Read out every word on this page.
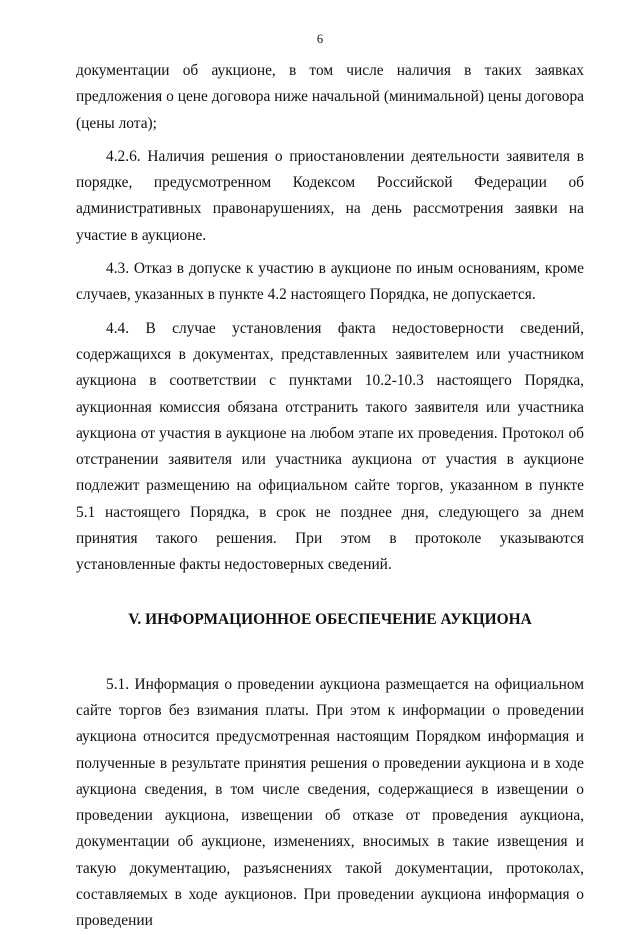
6

документации об аукционе, в том числе наличия в таких заявках предложения о цене договора ниже начальной (минимальной) цены договора (цены лота);

4.2.6. Наличия решения о приостановлении деятельности заявителя в порядке, предусмотренном Кодексом Российской Федерации об административных правонарушениях, на день рассмотрения заявки на участие в аукционе.

4.3. Отказ в допуске к участию в аукционе по иным основаниям, кроме случаев, указанных в пункте 4.2 настоящего Порядка, не допускается.

4.4. В случае установления факта недостоверности сведений, содержащихся в документах, представленных заявителем или участником аукциона в соответствии с пунктами 10.2-10.3 настоящего Порядка, аукционная комиссия обязана отстранить такого заявителя или участника аукциона от участия в аукционе на любом этапе их проведения. Протокол об отстранении заявителя или участника аукциона от участия в аукционе подлежит размещению на официальном сайте торгов, указанном в пункте 5.1 настоящего Порядка, в срок не позднее дня, следующего за днем принятия такого решения. При этом в протоколе указываются установленные факты недостоверных сведений.

V. ИНФОРМАЦИОННОЕ ОБЕСПЕЧЕНИЕ АУКЦИОНА

5.1. Информация о проведении аукциона размещается на официальном сайте торгов без взимания платы. При этом к информации о проведении аукциона относится предусмотренная настоящим Порядком информация и полученные в результате принятия решения о проведении аукциона и в ходе аукциона сведения, в том числе сведения, содержащиеся в извещении о проведении аукциона, извещении об отказе от проведения аукциона, документации об аукционе, изменениях, вносимых в такие извещения и такую документацию, разъяснениях такой документации, протоколах, составляемых в ходе аукционов. При проведении аукциона информация о проведении
